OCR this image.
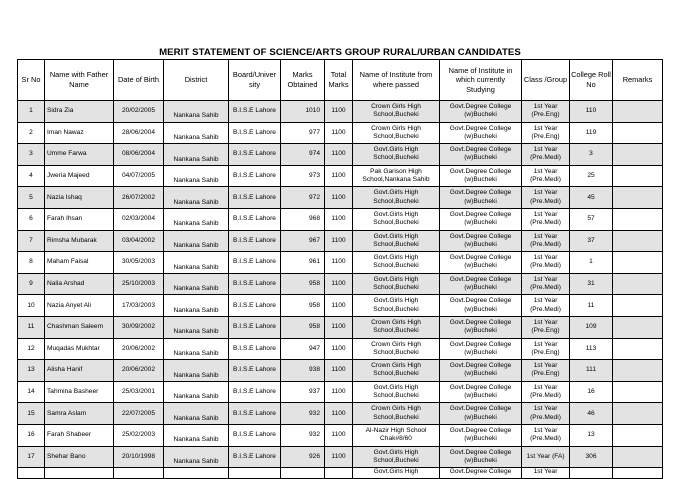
MERIT STATEMENT OF SCIENCE/ARTS GROUP RURAL/URBAN CANDIDATES
Sr No	Name with Father Name	Date of Birth	District	Board/Univer sity	Marks Obtained	Total Marks	Name of Institute from where passed	Name of Institute in which currently Studying	Class /Group	College Roll No	Remarks
1	Sidra Zia	20/02/2005	Nankana Sahib	B.I.S.E Lahore	1010	1100	Crown Girls High School,Bucheki	Govt.Degree College (w)Bucheki	1st Year (Pre.Eng)	110	
2	Iman Nawaz	28/06/2004	Nankana Sahib	B.I.S.E Lahore	977	1100	Crown Girls High School,Bucheki	Govt.Degree College (w)Bucheki	1st Year (Pre.Eng)	119	
3	Umme Farwa	08/06/2004	Nankana Sahib	B.I.S.E Lahore	974	1100	Govt.Girls High School,Bucheki	Govt.Degree College (w)Bucheki	1st Year (Pre.Medi)	3	
4	Jweria Majeed	04/07/2005	Nankana Sahib	B.I.S.E Lahore	973	1100	Pak Garison High School,Nankana Sahib	Govt.Degree College (w)Bucheki	1st Year (Pre.Medi)	25	
5	Nazia Ishaq	26/07/2002	Nankana Sahib	B.I.S.E Lahore	972	1100	Govt.Girls High School,Bucheki	Govt.Degree College (w)Bucheki	1st Year (Pre.Medi)	45	
6	Farah Ihsan	02/03/2004	Nankana Sahib	B.I.S.E Lahore	968	1100	Govt.Girls High School,Bucheki	Govt.Degree College (w)Bucheki	1st Year (Pre.Medi)	57	
7	Rimsha Mubarak	03/04/2002	Nankana Sahib	B.I.S.E Lahore	967	1100	Govt.Girls High School,Bucheki	Govt.Degree College (w)Bucheki	1st Year (Pre.Medi)	37	
8	Maham Faisal	30/05/2003	Nankana Sahib	B.I.S.E Lahore	961	1100	Govt.Girls High School,Bucheki	Govt.Degree College (w)Bucheki	1st Year (Pre.Medi)	1	
9	Naila Arshad	25/10/2003	Nankana Sahib	B.I.S.E Lahore	958	1100	Govt.Girls High School,Bucheki	Govt.Degree College (w)Bucheki	1st Year (Pre.Medi)	31	
10	Nazia Anyet Ali	17/03/2003	Nankana Sahib	B.I.S.E Lahore	958	1100	Govt.Girls High School,Bucheki	Govt.Degree College (w)Bucheki	1st Year (Pre.Medi)	11	
11	Chashman Saleem	30/09/2002	Nankana Sahib	B.I.S.E Lahore	958	1100	Crown Girls High School,Bucheki	Govt.Degree College (w)Bucheki	1st Year (Pre.Eng)	109	
12	Muqadas Mukhtar	20/06/2002	Nankana Sahib	B.I.S.E Lahore	947	1100	Crown Girls High School,Bucheki	Govt.Degree College (w)Bucheki	1st Year (Pre.Eng)	113	
13	Alisha Hanif	20/06/2002	Nankana Sahib	B.I.S.E Lahore	938	1100	Crown Girls High School,Bucheki	Govt.Degree College (w)Bucheki	1st Year (Pre.Eng)	111	
14	Tahmina Basheer	25/03/2001	Nankana Sahib	B.I.S.E Lahore	937	1100	Govt.Girls High School,Bucheki	Govt.Degree College (w)Bucheki	1st Year (Pre.Medi)	16	
15	Samra Aslam	22/07/2005	Nankana Sahib	B.I.S.E Lahore	932	1100	Crown Girls High School,Bucheki	Govt.Degree College (w)Bucheki	1st Year (Pre.Medi)	46	
16	Farah Shabeer	25/02/2003	Nankana Sahib	B.I.S.E Lahore	932	1100	Al-Nazir High School Chak#8/60	Govt.Degree College (w)Bucheki	1st Year (Pre.Medi)	13	
17	Shehar Bano	20/10/1998	Nankana Sahib	B.I.S.E Lahore	926	1100	Govt.Girls High School,Bucheki	Govt.Degree College (w)Bucheki	1st Year (FA)	306	
							Govt.Girls High	Govt.Degree College	1st Year		
